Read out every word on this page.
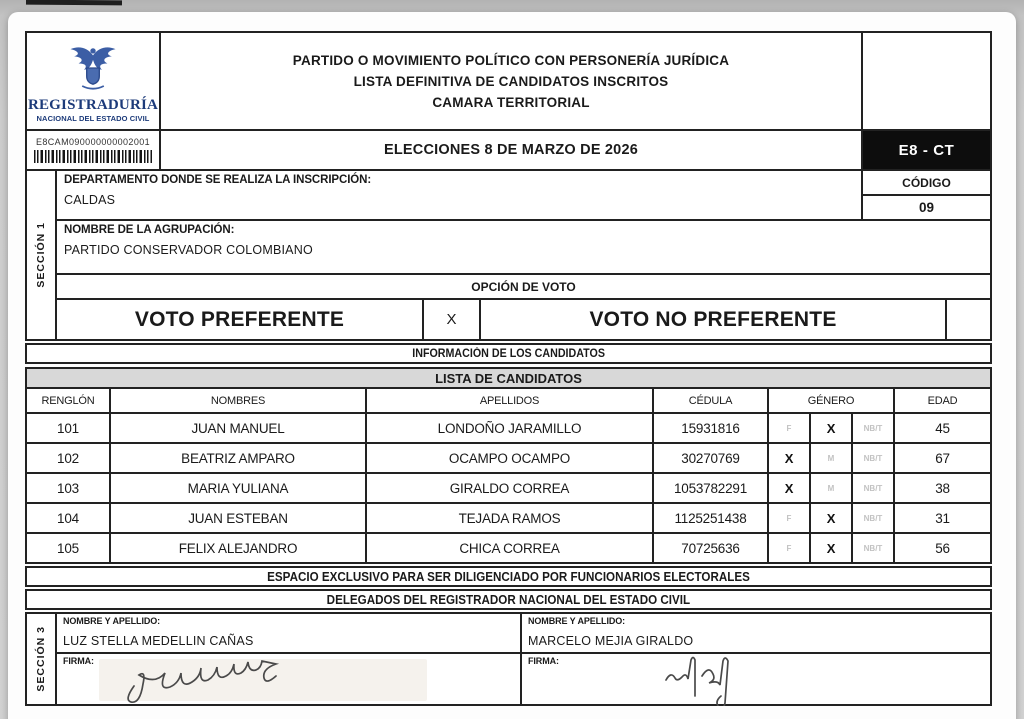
REGISTRADURÍA
NACIONAL DEL ESTADO CIVIL
PARTIDO O MOVIMIENTO POLÍTICO CON PERSONERÍA JURÍDICA
LISTA DEFINITIVA DE CANDIDATOS INSCRITOS
CAMARA TERRITORIAL
E8CAM090000000002001	ELECCIONES 8 DE MARZO DE 2026	E8 - CT
SECCIÓN 1
DEPARTAMENTO DONDE SE REALIZA LA INSCRIPCIÓN:
CALDAS
CÓDIGO
09
NOMBRE DE LA AGRUPACIÓN:
PARTIDO CONSERVADOR COLOMBIANO
OPCIÓN DE VOTO
VOTO PREFERENTE	X	VOTO NO PREFERENTE
INFORMACIÓN DE LOS CANDIDATOS
LISTA DE CANDIDATOS
RENGLÓN	NOMBRES	APELLIDOS	CÉDULA	GÉNERO	EDAD
101	JUAN MANUEL	LONDOÑO JARAMILLO	15931816	F	X	NB/T	45
102	BEATRIZ AMPARO	OCAMPO OCAMPO	30270769	X	M	NB/T	67
103	MARIA YULIANA	GIRALDO CORREA	1053782291	X	M	NB/T	38
104	JUAN ESTEBAN	TEJADA RAMOS	1125251438	F	X	NB/T	31
105	FELIX ALEJANDRO	CHICA CORREA	70725636	F	X	NB/T	56
ESPACIO EXCLUSIVO PARA SER DILIGENCIADO POR FUNCIONARIOS ELECTORALES
DELEGADOS DEL REGISTRADOR NACIONAL DEL ESTADO CIVIL
SECCIÓN 3
NOMBRE Y APELLIDO:
LUZ STELLA MEDELLIN CAÑAS
FIRMA:
NOMBRE Y APELLIDO:
MARCELO MEJIA GIRALDO
FIRMA:
